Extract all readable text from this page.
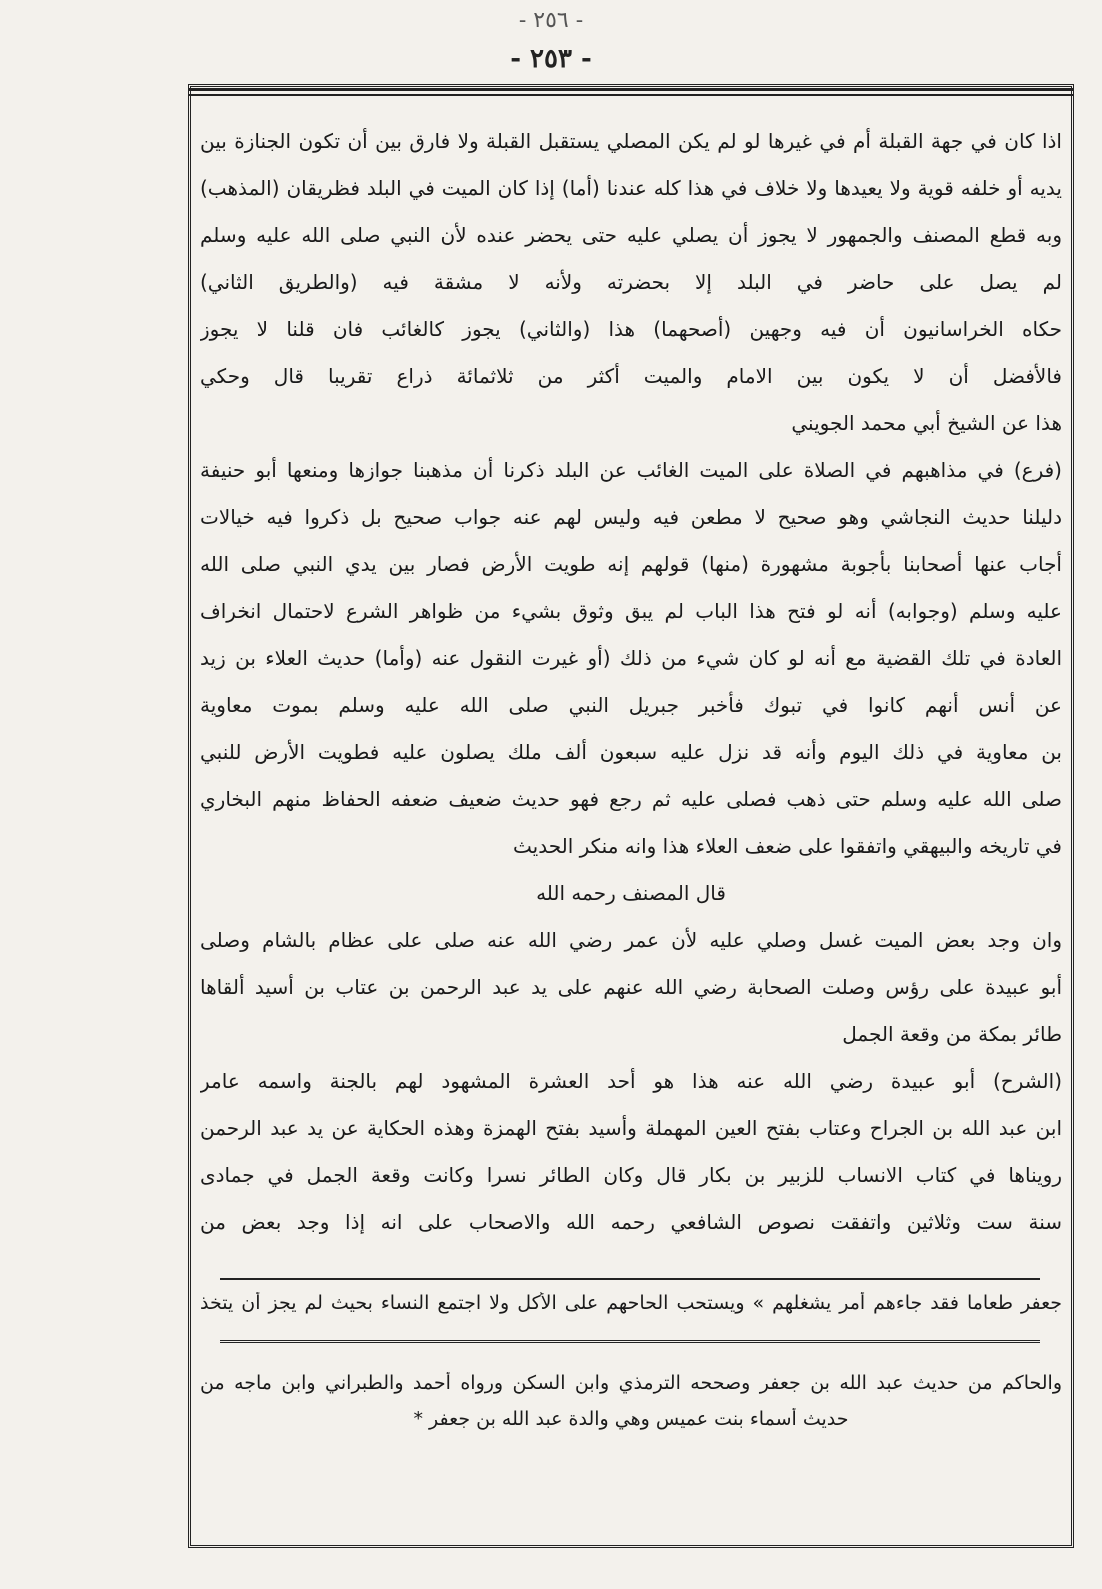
- ٢٥٦ -
- ٢٥٣ -
اذا كان في جهة القبلة أم في غيرها لو لم يكن المصلي يستقبل القبلة ولا فارق بين أن تكون الجنازة بين
يديه أو خلفه قوية ولا يعيدها ولا خلاف في هذا كله عندنا (أما) إذا كان الميت في البلد فظريقان (المذهب)
وبه قطع المصنف والجمهور لا يجوز أن يصلي عليه حتى يحضر عنده لأن النبي صلى الله عليه وسلم
لم يصل على حاضر في البلد إلا بحضرته ولأنه لا مشقة فيه (والطريق الثاني)
حكاه الخراسانيون أن فيه وجهين (أصحهما) هذا (والثاني) يجوز كالغائب فان قلنا لا يجوز
فالأفضل أن لا يكون بين الامام والميت أكثر من ثلاثمائة ذراع تقريبا قال وحكي
هذا عن الشيخ أبي محمد الجويني
(فرع) في مذاهبهم في الصلاة على الميت الغائب عن البلد ذكرنا أن مذهبنا جوازها ومنعها أبو حنيفة
دليلنا حديث النجاشي وهو صحيح لا مطعن فيه وليس لهم عنه جواب صحيح بل ذكروا فيه خيالات
أجاب عنها أصحابنا بأجوبة مشهورة (منها) قولهم إنه طويت الأرض فصار بين يدي النبي صلى الله
عليه وسلم (وجوابه) أنه لو فتح هذا الباب لم يبق وثوق بشيء من ظواهر الشرع لاحتمال انخراف
العادة في تلك القضية مع أنه لو كان شيء من ذلك (أو غيرت النقول عنه (وأما) حديث العلاء بن زيد
عن أنس أنهم كانوا في تبوك فأخبر جبريل النبي صلى الله عليه وسلم بموت معاوية
بن معاوية في ذلك اليوم وأنه قد نزل عليه سبعون ألف ملك يصلون عليه فطويت الأرض للنبي
صلى الله عليه وسلم حتى ذهب فصلى عليه ثم رجع فهو حديث ضعيف ضعفه الحفاظ منهم البخاري
في تاريخه والبيهقي واتفقوا على ضعف العلاء هذا وانه منكر الحديث
قال المصنف رحمه الله
وان وجد بعض الميت غسل وصلي عليه لأن عمر رضي الله عنه صلى على عظام بالشام وصلى
أبو عبيدة على رؤس وصلت الصحابة رضي الله عنهم على يد عبد الرحمن بن عتاب بن أسيد ألقاها
طائر بمكة من وقعة الجمل
(الشرح) أبو عبيدة رضي الله عنه هذا هو أحد العشرة المشهود لهم بالجنة واسمه عامر
ابن عبد الله بن الجراح وعتاب بفتح العين المهملة وأسيد بفتح الهمزة وهذه الحكاية عن يد عبد الرحمن
رويناها في كتاب الانساب للزبير بن بكار قال وكان الطائر نسرا وكانت وقعة الجمل في جمادى
سنة ست وثلاثين واتفقت نصوص الشافعي رحمه الله والاصحاب على انه إذا وجد بعض من
جعفر طعاما فقد جاءهم أمر يشغلهم » ويستحب الحاحهم على الأكل ولا اجتمع النساء بحيث لم يجز أن يتخذ
والحاكم من حديث عبد الله بن جعفر وصححه الترمذي وابن السكن ورواه أحمد والطبراني وابن ماجه من
حديث أسماء بنت عميس وهي والدة عبد الله بن جعفر *
